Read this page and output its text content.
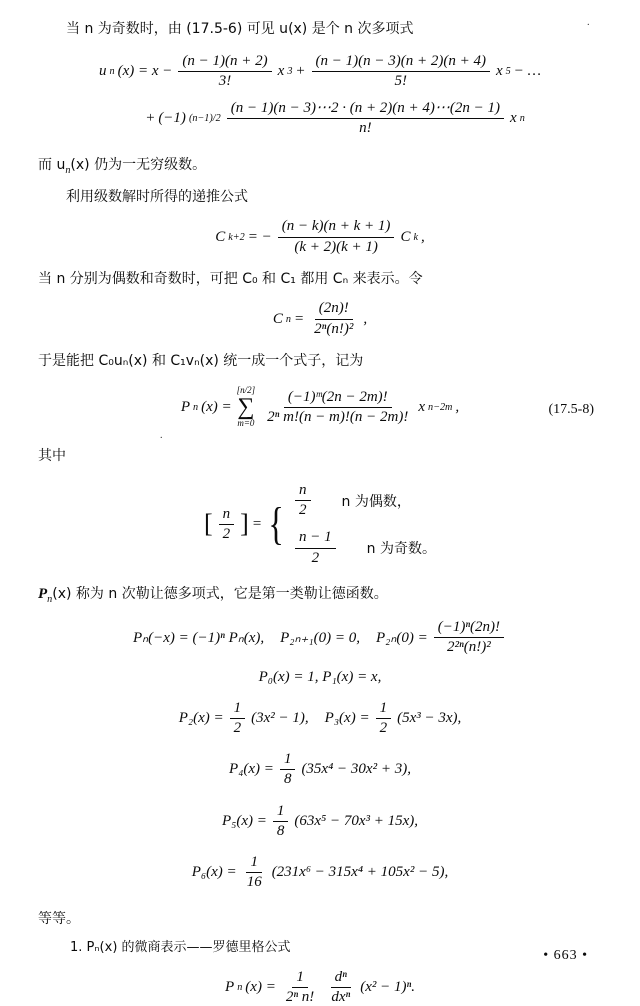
当 n 为奇数时，由 (17.5-6) 可见 u(x) 是个 n 次多项式	·
u n $(x) = x - \frac{(n - 1)(n + 2)}{3!}$ x $3 + \frac{(n - 1)(n - 3)(n + 2)(n + 4)}{5!}$ x 5 − …
+ (−1) $(n-1)/2 \frac{(n - 1)(n - 3)\cdots 2 \cdot (n + 2)(n + 4)\cdots(2n - 1)}{n!}$ x n
而 $u_n(x)$ 仍为一无穷级数。
利用级数解时所得的递推公式
C k+2 = − $\frac{(n - k)(n + k + 1)}{(k + 2)(k + 1)}$ C k ,
当 n 分别为偶数和奇数时，可把 C₀ 和 C₁ 都用 Cₙ 来表示。令
C $n = \frac{(2n)!}{\text{2ⁿ(n!)²}}$ ,
于是能把 C₀uₙ(x) 和 C₁vₙ(x) 统一成一个式子，记为
P n (x) =
[n/2]
∑
$m=0 \frac{\text{(−1)ᵐ(2n − 2m)!}}{\text{2ⁿ m!(n − m)!(n − 2m)!}}$ x n−2m ,	(17.5-8)
.
其中
[ $\frac{n}{2}$ ] = { $\frac{n}{2}$ n 为偶数，
$\frac{n - 1}{2}$ n 为奇数。
$P_n(x)$ 称为 n 次勒让德多项式，它是第一类勒让德函数。
Pₙ(−x) = (−1)ⁿ Pₙ(x), P₂ₙ₊₁(0) = 0, $P_{2n}(0) = \frac{\text{(−1)ⁿ(2n)!}}{\text{2²ⁿ(n!)²}}$
P₀(x) = 1, P₁(x) = x,
$P_2(x) = \frac{1}{2} (3x^2 - 1)$, $P_3(x) = \frac{1}{2} (5x^3 - 3x)$,
$P_4(x) = \frac{1}{8} (35x^4 - 30x^2 + 3)$,
$P_5(x) = \frac{1}{8} (63x^5 - 70x^3 + 15x)$,
$P_6(x) = \frac{1}{16} (231x^6 - 315x^4 + 105x^2 - 5)$,
等等。
1. Pₙ(x) 的微商表示——罗德里格公式
P n $(x) = \frac{1}{\text{2ⁿ n!}} \frac{\text{dⁿ}}{\text{dxⁿ}} (x^2 - 1)^n$.
• 663 •
